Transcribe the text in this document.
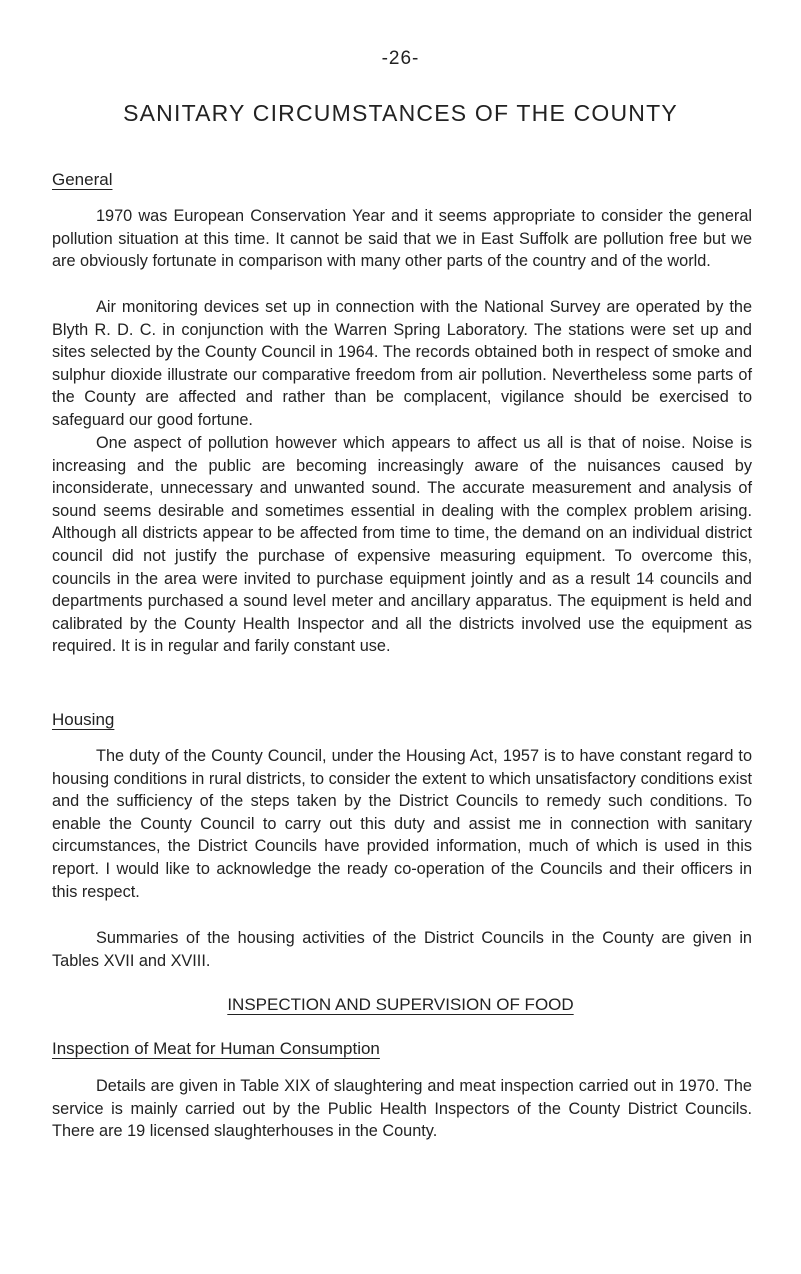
-26-
SANITARY CIRCUMSTANCES OF THE COUNTY
General

1970 was European Conservation Year and it seems appropriate to consider the general pollution situation at this time. It cannot be said that we in East Suffolk are pollution free but we are obviously fortunate in comparison with many other parts of the country and of the world.

Air monitoring devices set up in connection with the National Survey are operated by the Blyth R. D. C. in conjunction with the Warren Spring Laboratory. The stations were set up and sites selected by the County Council in 1964. The records obtained both in respect of smoke and sulphur dioxide illustrate our comparative freedom from air pollution. Nevertheless some parts of the County are affected and rather than be complacent, vigilance should be exercised to safeguard our good fortune.

One aspect of pollution however which appears to affect us all is that of noise. Noise is increasing and the public are becoming increasingly aware of the nuisances caused by inconsiderate, unnecessary and unwanted sound. The accurate measurement and analysis of sound seems desirable and sometimes essential in dealing with the complex problem arising. Although all districts appear to be affected from time to time, the demand on an individual district council did not justify the purchase of expensive measuring equipment. To overcome this, councils in the area were invited to purchase equipment jointly and as a result 14 councils and departments purchased a sound level meter and ancillary apparatus. The equipment is held and calibrated by the County Health Inspector and all the districts involved use the equipment as required. It is in regular and farily constant use.

Housing

The duty of the County Council, under the Housing Act, 1957 is to have constant regard to housing conditions in rural districts, to consider the extent to which unsatisfactory conditions exist and the sufficiency of the steps taken by the District Councils to remedy such conditions. To enable the County Council to carry out this duty and assist me in connection with sanitary circumstances, the District Councils have provided information, much of which is used in this report. I would like to acknowledge the ready co-operation of the Councils and their officers in this respect.

Summaries of the housing activities of the District Councils in the County are given in Tables XVII and XVIII.

INSPECTION AND SUPERVISION OF FOOD
Inspection of Meat for Human Consumption

Details are given in Table XIX of slaughtering and meat inspection carried out in 1970. The service is mainly carried out by the Public Health Inspectors of the County District Councils. There are 19 licensed slaughterhouses in the County.
